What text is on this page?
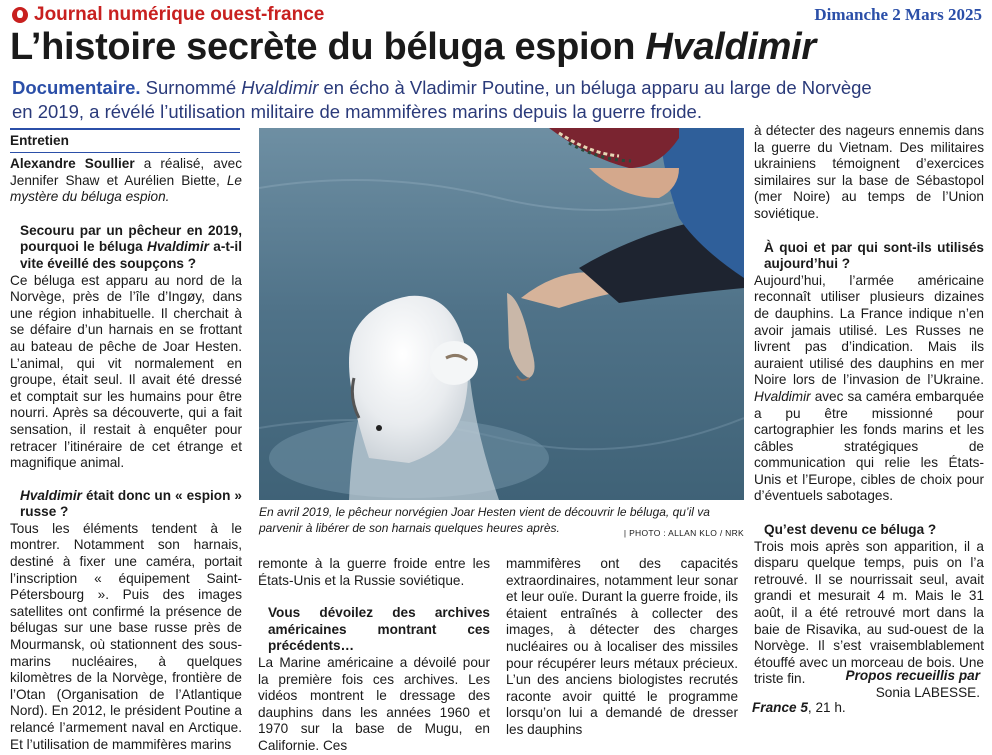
Journal numérique ouest-france	Dimanche 2 Mars 2025
L’histoire secrète du béluga espion Hvaldimir
Documentaire. Surnommé Hvaldimir en écho à Vladimir Poutine, un béluga apparu au large de Norvège en 2019, a révélé l’utilisation militaire de mammifères marins depuis la guerre froide.
Entretien

Alexandre Soullier a réalisé, avec Jennifer Shaw et Aurélien Biette, Le mystère du béluga espion.

Secouru par un pêcheur en 2019, pourquoi le béluga Hvaldimir a-t-il vite éveillé des soupçons ?

Ce béluga est apparu au nord de la Norvège, près de l’île d’Ingøy, dans une région inhabituelle. Il cherchait à se défaire d’un harnais en se frottant au bateau de pêche de Joar Hesten. L’animal, qui vit normalement en groupe, était seul. Il avait été dressé et comptait sur les humains pour être nourri. Après sa découverte, qui a fait sensation, il restait à enquêter pour retracer l’itinéraire de cet étrange et magnifique animal.

Hvaldimir était donc un « espion » russe ?

Tous les éléments tendent à le montrer. Notamment son harnais, destiné à fixer une caméra, portait l’inscription « équipement Saint-Pétersbourg ». Puis des images satellites ont confirmé la présence de bélugas sur une base russe près de Mourmansk, où stationnent des sous-marins nucléaires, à quelques kilomètres de la Norvège, frontière de l’Otan (Organisation de l’Atlantique Nord). En 2012, le président Poutine a relancé l’armement naval en Arctique. Et l’utilisation de mammifères marins

En avril 2019, le pêcheur norvégien Joar Hesten vient de découvrir le béluga, qu’il va parvenir à libérer de son harnais quelques heures après.	| PHOTO : ALLAN KLO / NRK

remonte à la guerre froide entre les États-Unis et la Russie soviétique.

Vous dévoilez des archives américaines montrant ces précédents…

La Marine américaine a dévoilé pour la première fois ces archives. Les vidéos montrent le dressage des dauphins dans les années 1960 et 1970 sur la base de Mugu, en Californie. Ces

mammifères ont des capacités extraordinaires, notamment leur sonar et leur ouïe. Durant la guerre froide, ils étaient entraînés à collecter des images, à détecter des charges nucléaires ou à localiser des missiles pour récupérer leurs métaux précieux. L’un des anciens biologistes recrutés raconte avoir quitté le programme lorsqu’on lui a demandé de dresser les dauphins

à détecter des nageurs ennemis dans la guerre du Vietnam. Des militaires ukrainiens témoignent d’exercices similaires sur la base de Sébastopol (mer Noire) au temps de l’Union soviétique.

À quoi et par qui sont-ils utilisés aujourd’hui ?

Aujourd’hui, l’armée américaine reconnaît utiliser plusieurs dizaines de dauphins. La France indique n’en avoir jamais utilisé. Les Russes ne livrent pas d’indication. Mais ils auraient utilisé des dauphins en mer Noire lors de l’invasion de l’Ukraine. Hvaldimir avec sa caméra embarquée a pu être missionné pour cartographier les fonds marins et les câbles stratégiques de communication qui relie les États-Unis et l’Europe, cibles de choix pour d’éventuels sabotages.

Qu’est devenu ce béluga ?

Trois mois après son apparition, il a disparu quelque temps, puis on l’a retrouvé. Il se nourrissait seul, avait grandi et mesurait 4 m. Mais le 31 août, il a été retrouvé mort dans la baie de Risavika, au sud-ouest de la Norvège. Il s’est vraisemblablement étouffé avec un morceau de bois. Une triste fin.	Propos recueillis par
Sonia LABESSE.
France 5, 21 h.
